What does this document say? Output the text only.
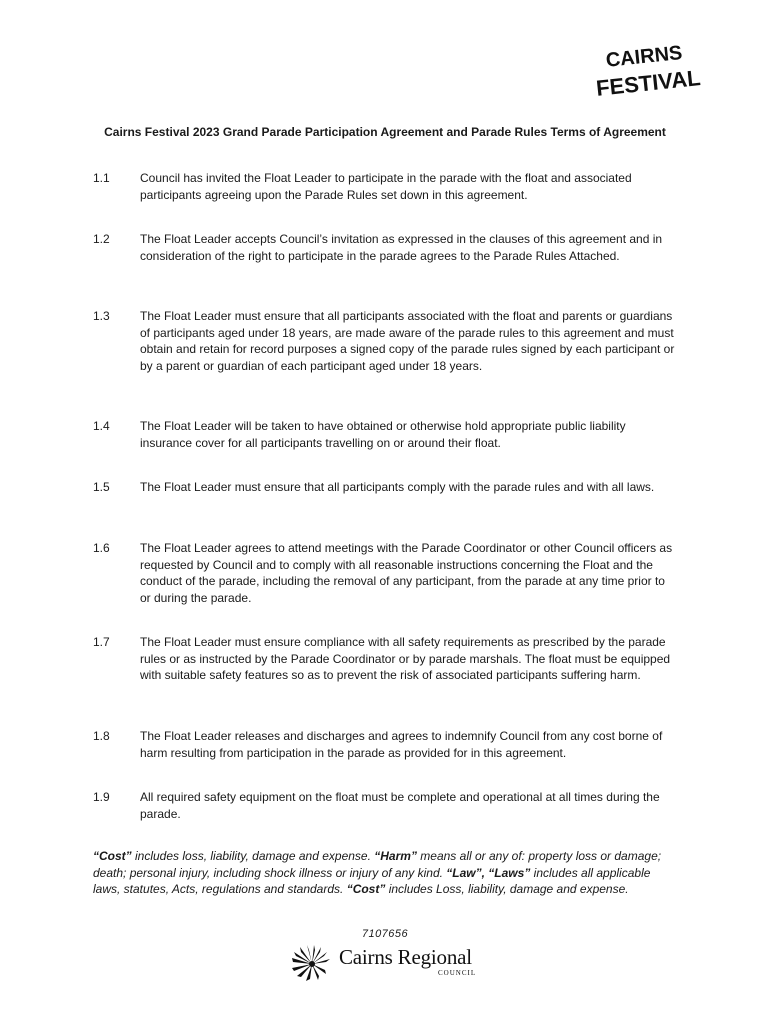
CAIRNS
FESTIVAL
Cairns Festival 2023 Grand Parade Participation Agreement and Parade Rules Terms of Agreement
1.1	Council has invited the Float Leader to participate in the parade with the float and associated participants agreeing upon the Parade Rules set down in this agreement.
1.2	The Float Leader accepts Council’s invitation as expressed in the clauses of this agreement and in consideration of the right to participate in the parade agrees to the Parade Rules Attached.
1.3	The Float Leader must ensure that all participants associated with the float and parents or guardians of participants aged under 18 years, are made aware of the parade rules to this agreement and must obtain and retain for record purposes a signed copy of the parade rules signed by each participant or by a parent or guardian of each participant aged under 18 years.
1.4	The Float Leader will be taken to have obtained or otherwise hold appropriate public liability insurance cover for all participants travelling on or around their float.
1.5	The Float Leader must ensure that all participants comply with the parade rules and with all laws.
1.6	The Float Leader agrees to attend meetings with the Parade Coordinator or other Council officers as requested by Council and to comply with all reasonable instructions concerning the Float and the conduct of the parade, including the removal of any participant, from the parade at any time prior to or during the parade.
1.7	The Float Leader must ensure compliance with all safety requirements as prescribed by the parade rules or as instructed by the Parade Coordinator or by parade marshals. The float must be equipped with suitable safety features so as to prevent the risk of associated participants suffering harm.
1.8	The Float Leader releases and discharges and agrees to indemnify Council from any cost borne of harm resulting from participation in the parade as provided for in this agreement.
1.9	All required safety equipment on the float must be complete and operational at all times during the parade.
“Cost” includes loss, liability, damage and expense. “Harm” means all or any of: property loss or damage; death; personal injury, including shock illness or injury of any kind. “Law”, “Laws” includes all applicable laws, statutes, Acts, regulations and standards. “Cost” includes Loss, liability, damage and expense.
7107656
Cairns Regional
COUNCIL
